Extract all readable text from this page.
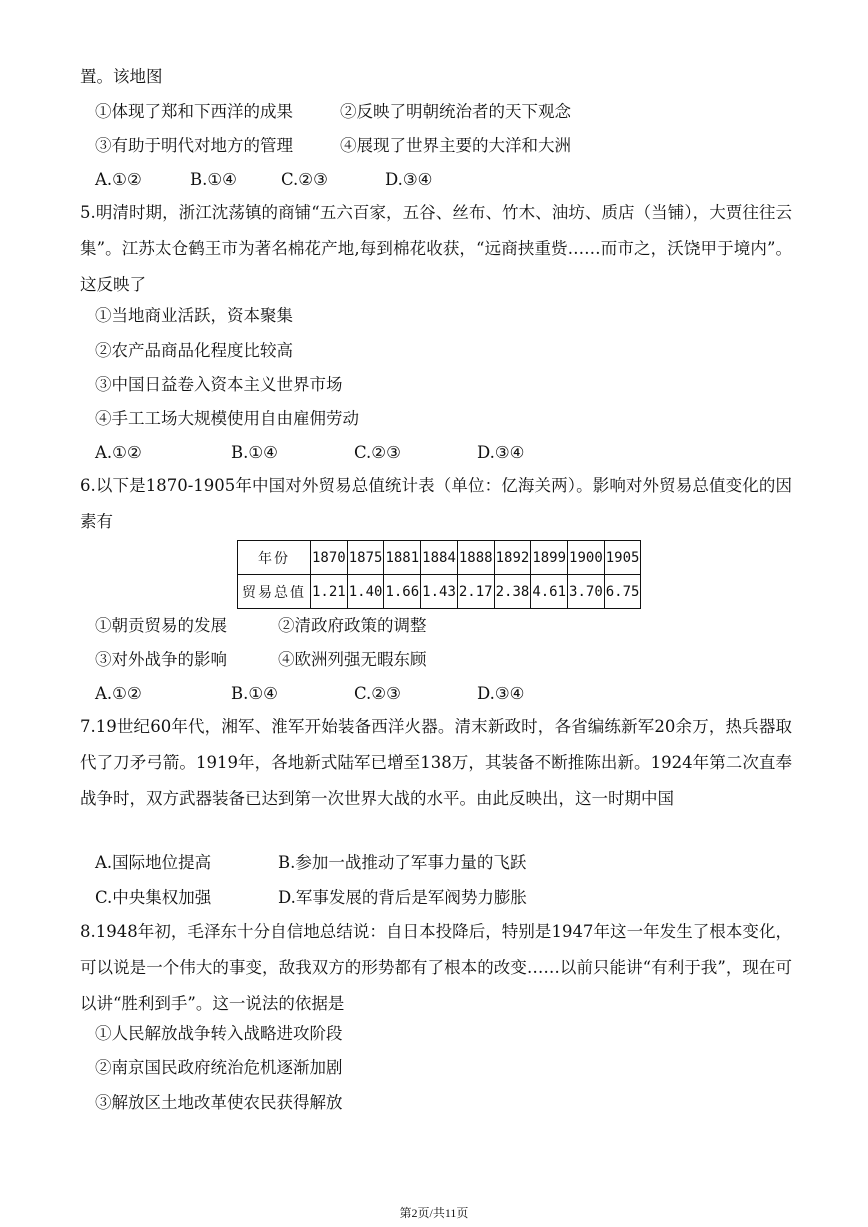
置。该地图
①体现了郑和下西洋的成果	②反映了明朝统治者的天下观念
③有助于明代对地方的管理	④展现了世界主要的大洋和大洲
A.①②	B.①④	C.②③	D.③④
5.明清时期，浙江沈荡镇的商铺“五六百家，五谷、丝布、竹木、油坊、质店（当铺），大贾往往云集”。江苏太仓鹤王市为著名棉花产地,每到棉花收获，“远商挟重赀……而市之，沃饶甲于境内”。这反映了
①当地商业活跃，资本聚集
②农产品商品化程度比较高
③中国日益卷入资本主义世界市场
④手工工场大规模使用自由雇佣劳动
A.①②	B.①④	C.②③	D.③④
6.以下是1870-1905年中国对外贸易总值统计表（单位：亿海关两）。影响对外贸易总值变化的因素有
年份	1870	1875	1881	1884	1888	1892	1899	1900	1905
贸易总值	1.21	1.40	1.66	1.43	2.17	2.38	4.61	3.70	6.75
①朝贡贸易的发展	②清政府政策的调整
③对外战争的影响	④欧洲列强无暇东顾
A.①②	B.①④	C.②③	D.③④
7.19世纪60年代，湘军、淮军开始装备西洋火器。清末新政时，各省编练新军20余万，热兵器取代了刀矛弓箭。1919年，各地新式陆军已增至138万，其装备不断推陈出新。1924年第二次直奉战争时，双方武器装备已达到第一次世界大战的水平。由此反映出，这一时期中国
A.国际地位提高	B.参加一战推动了军事力量的飞跃
C.中央集权加强	D.军事发展的背后是军阀势力膨胀
8.1948年初，毛泽东十分自信地总结说：自日本投降后，特别是1947年这一年发生了根本变化，可以说是一个伟大的事变，敌我双方的形势都有了根本的改变……以前只能讲“有利于我”，现在可以讲“胜利到手”。这一说法的依据是
①人民解放战争转入战略进攻阶段
②南京国民政府统治危机逐渐加剧
③解放区土地改革使农民获得解放
第2页/共11页
